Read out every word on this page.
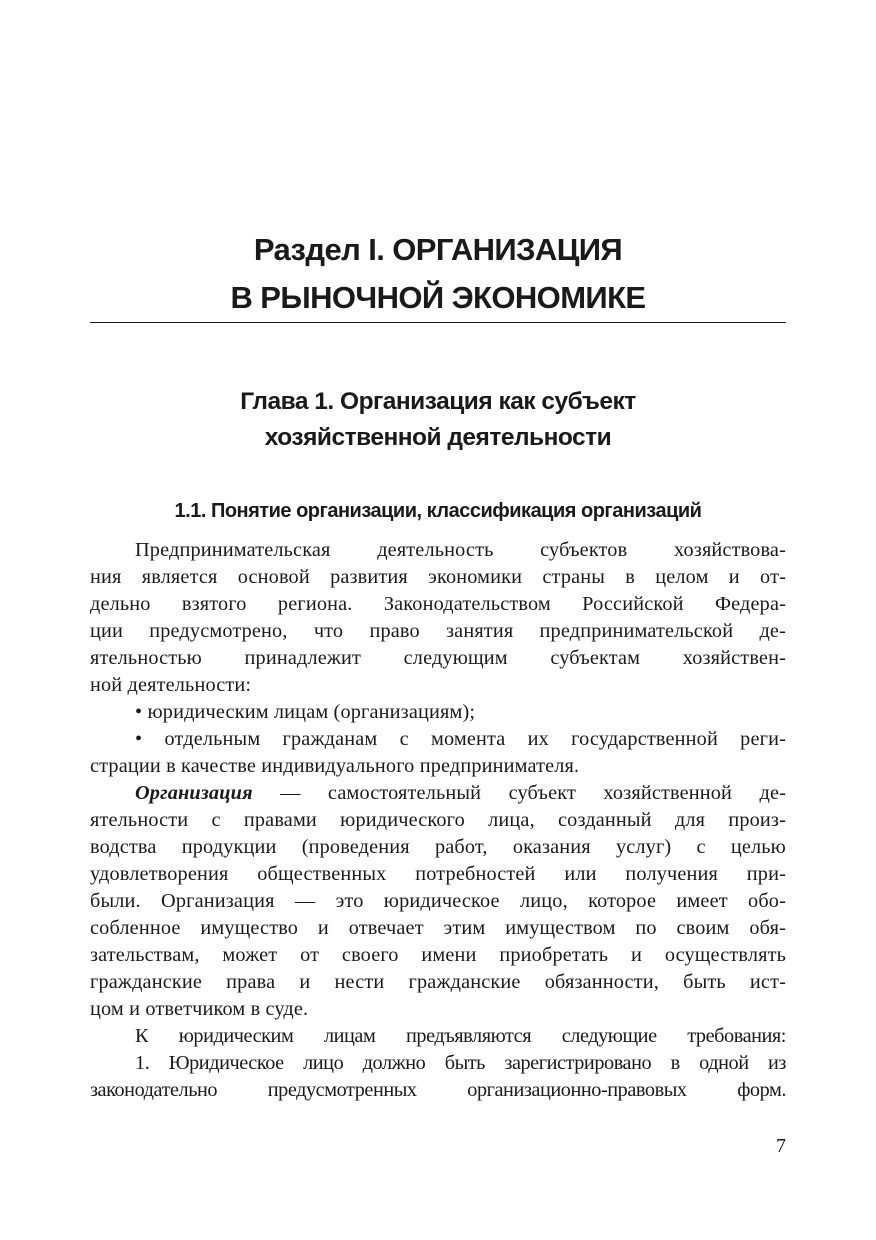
Раздел I. ОРГАНИЗАЦИЯ
В РЫНОЧНОЙ ЭКОНОМИКЕ
Глава 1. Организация как субъект
хозяйственной деятельности
1.1. Понятие организации, классификация организаций
Предпринимательская деятельность субъектов хозяйствова-
ния является основой развития экономики страны в целом и от-
дельно взятого региона. Законодательством Российской Федера-
ции предусмотрено, что право занятия предпринимательской де-
ятельностью принадлежит следующим субъектам хозяйствен-
ной деятельности:
• юридическим лицам (организациям);
• отдельным гражданам с момента их государственной реги-
страции в качестве индивидуального предпринимателя.
Организация — самостоятельный субъект хозяйственной де-
ятельности с правами юридического лица, созданный для произ-
водства продукции (проведения работ, оказания услуг) с целью
удовлетворения общественных потребностей или получения при-
были. Организация — это юридическое лицо, которое имеет обо-
собленное имущество и отвечает этим имуществом по своим обя-
зательствам, может от своего имени приобретать и осуществлять
гражданские права и нести гражданские обязанности, быть ист-
цом и ответчиком в суде.
К юридическим лицам предъявляются следующие требования:
1. Юридическое лицо должно быть зарегистрировано в одной из
законодательно предусмотренных организационно-правовых форм.
7
